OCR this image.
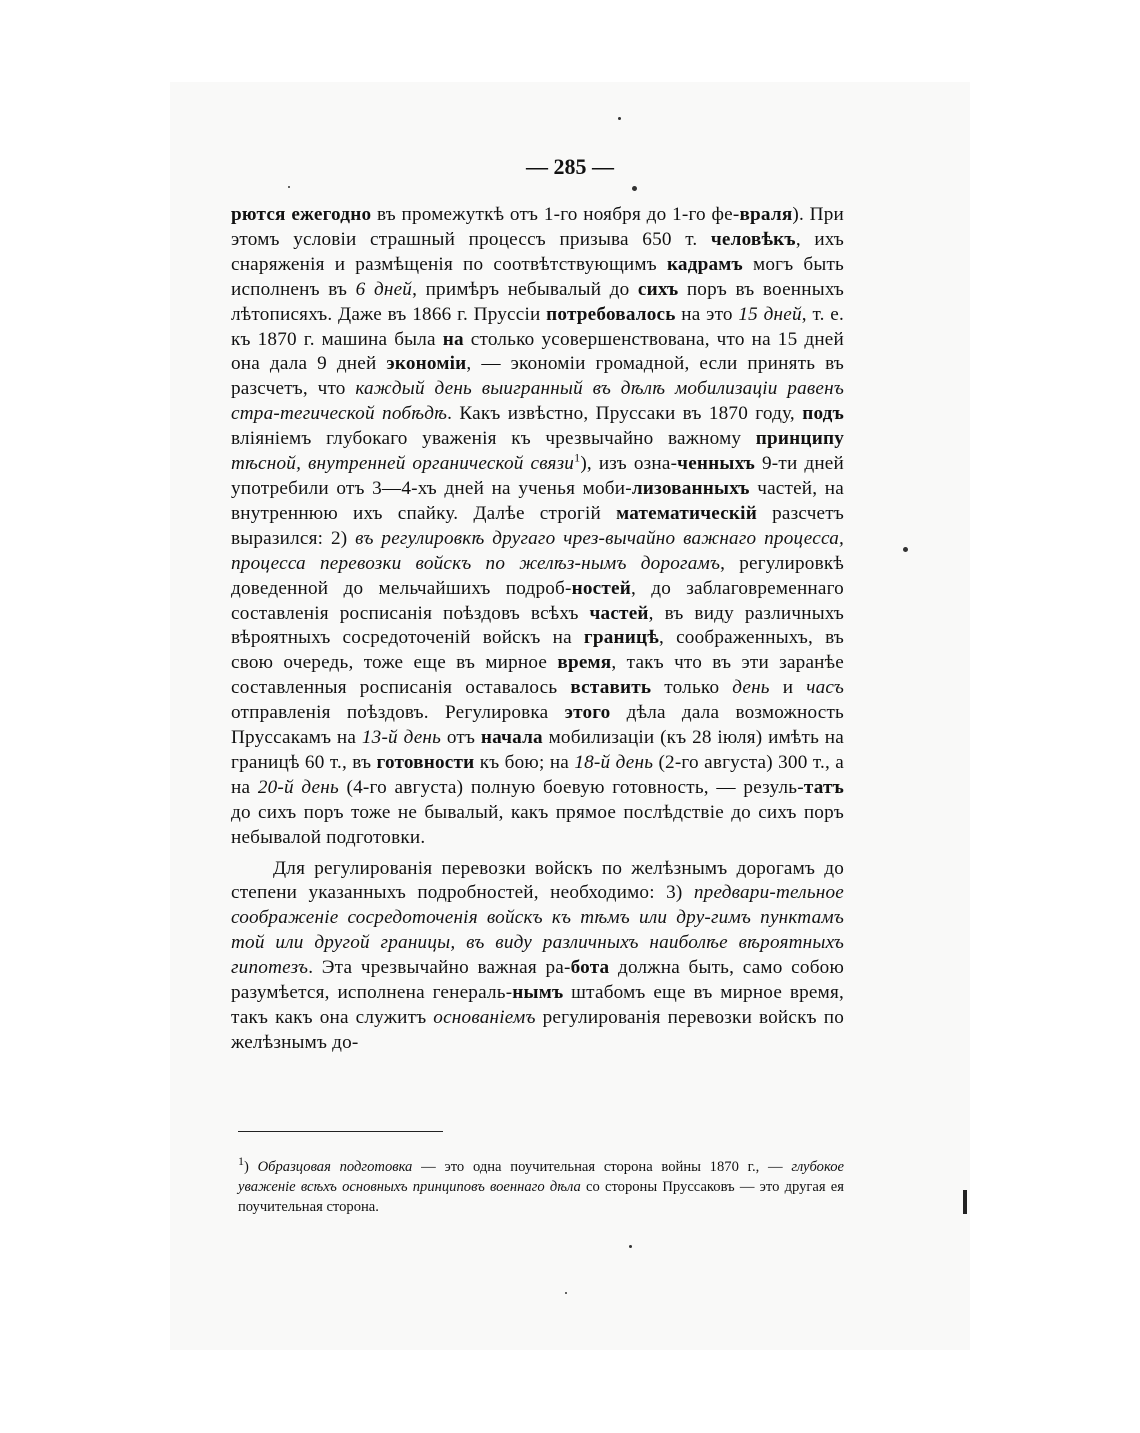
— 285 —

рются ежегодно въ промежуткѣ отъ 1-го ноября до 1-го фе-враля). При этомъ условіи страшный процессъ призыва 650 т. человѣкъ, ихъ снаряженія и размѣщенія по соотвѣтствующимъ кадрамъ могъ быть исполненъ въ 6 дней, примѣръ небывалый до сихъ поръ въ военныхъ лѣтописяхъ. Даже въ 1866 г. Пруссіи потребовалось на это 15 дней, т. е. къ 1870 г. машина была на столько усовершенствована, что на 15 дней она дала 9 дней экономіи, — экономіи громадной, если принять въ разсчетъ, что каждый день выигранный въ дѣлѣ мобилизаціи равенъ стра-тегической побѣдѣ. Какъ извѣстно, Пруссаки въ 1870 году, подъ вліяніемъ глубокаго уваженія къ чрезвычайно важному принципу тѣсной, внутренней органической связи$^1$), изъ озна-ченныхъ 9-ти дней употребили отъ 3—4-хъ дней на ученья моби-лизованныхъ частей, на внутреннюю ихъ спайку. Далѣе строгій математическій разсчетъ выразился: 2) въ регулировкѣ другаго чрез-вычайно важнаго процесса, процесса перевозки войскъ по желѣз-нымъ дорогамъ, регулировкѣ доведенной до мельчайшихъ подроб-ностей, до заблаговременнаго составленія росписанія поѣздовъ всѣхъ частей, въ виду различныхъ вѣроятныхъ сосредоточеній войскъ на границѣ, соображенныхъ, въ свою очередь, тоже еще въ мирное время, такъ что въ эти заранѣе составленныя росписанія оставалось вставить только день и часъ отправленія поѣздовъ. Регулировка этого дѣла дала возможность Пруссакамъ на 13-й день отъ начала мобилизаціи (къ 28 іюля) имѣть на границѣ 60 т., въ готовности къ бою; на 18-й день (2-го августа) 300 т., а на 20-й день (4-го августа) полную боевую готовность, — резуль-татъ до сихъ поръ тоже не бывалый, какъ прямое послѣдствіе до сихъ поръ небывалой подготовки.

Для регулированія перевозки войскъ по желѣзнымъ дорогамъ до степени указанныхъ подробностей, необходимо: 3) предвари-тельное соображеніе сосредоточенія войскъ къ тѣмъ или дру-гимъ пунктамъ той или другой границы, въ виду различныхъ наиболѣе вѣроятныхъ гипотезъ. Эта чрезвычайно важная ра-бота должна быть, само собою разумѣется, исполнена генераль-нымъ штабомъ еще въ мирное время, такъ какъ она служитъ основаніемъ регулированія перевозки войскъ по желѣзнымъ до-

$^1$) Образцовая подготовка — это одна поучительная сторона войны 1870 г., — глубокое уваженіе всѣхъ основныхъ принциповъ военнаго дѣла со стороны Пруссаковъ — это другая ея поучительная сторона.
